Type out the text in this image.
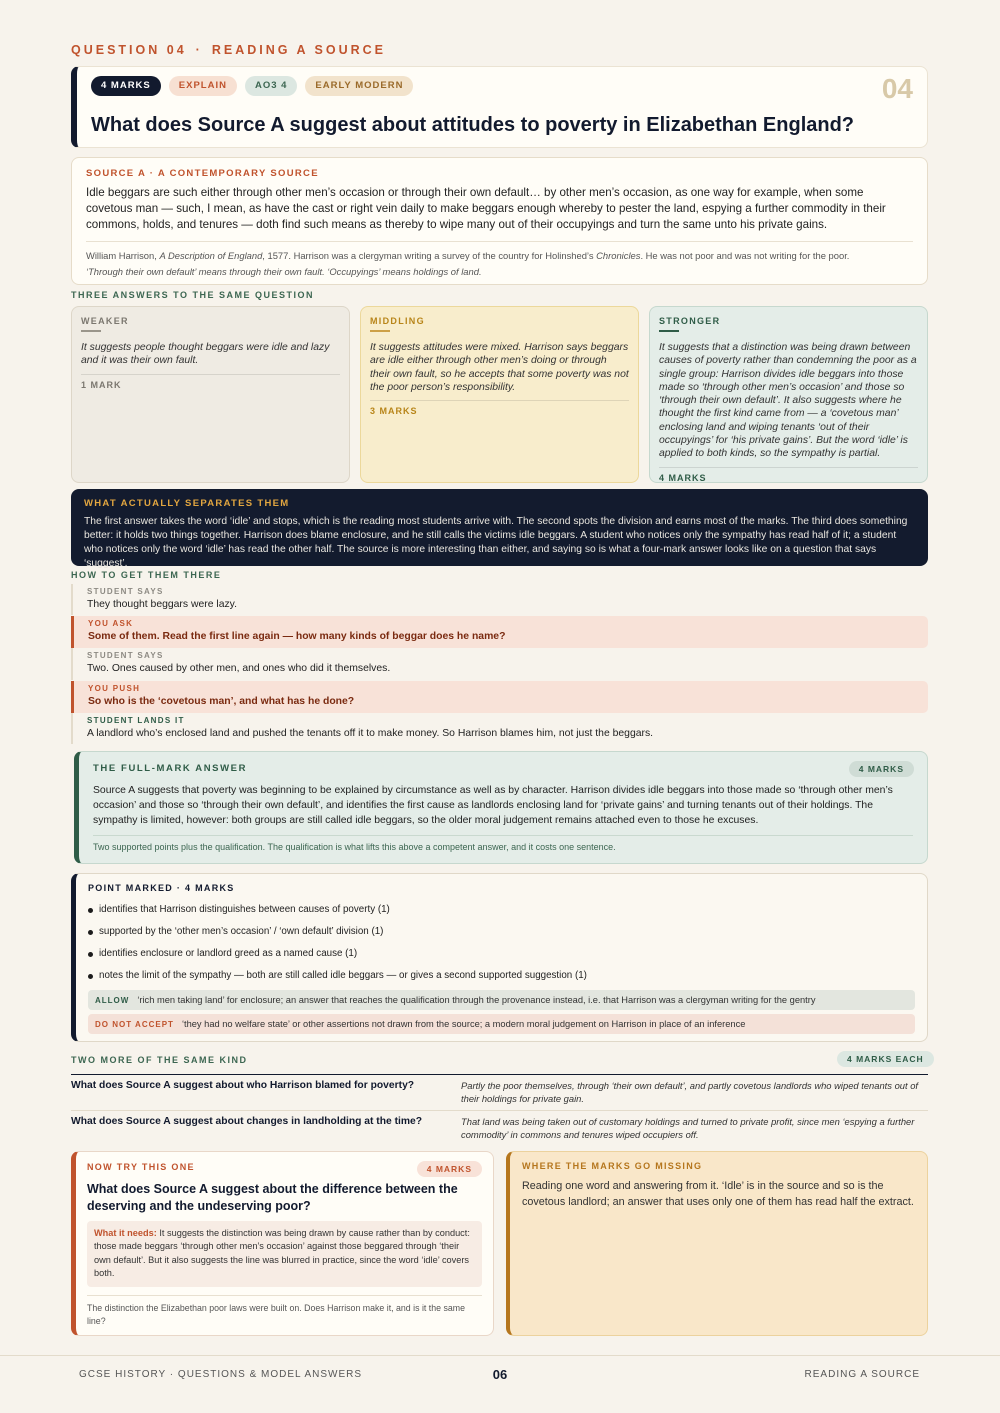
QUESTION 04 · READING A SOURCE
4 MARKS	EXPLAIN	AO3 4	EARLY MODERN	04
What does Source A suggest about attitudes to poverty in Elizabethan England?
SOURCE A · A CONTEMPORARY SOURCE
Idle beggars are such either through other men’s occasion or through their own default… by other men’s occasion, as one way for example, when some covetous man — such, I mean, as have the cast or right vein daily to make beggars enough whereby to pester the land, espying a further commodity in their commons, holds, and tenures — doth find such means as thereby to wipe many out of their occupyings and turn the same unto his private gains.
William Harrison, A Description of England, 1577. Harrison was a clergyman writing a survey of the country for Holinshed’s Chronicles. He was not poor and was not writing for the poor.
‘Through their own default’ means through their own fault. ‘Occupyings’ means holdings of land.
THREE ANSWERS TO THE SAME QUESTION
WEAKER
It suggests people thought beggars were idle and lazy and it was their own fault.
1 MARK
MIDDLING
It suggests attitudes were mixed. Harrison says beggars are idle either through other men’s doing or through their own fault, so he accepts that some poverty was not the poor person’s responsibility.
3 MARKS
STRONGER
It suggests that a distinction was being drawn between causes of poverty rather than condemning the poor as a single group: Harrison divides idle beggars into those made so ‘through other men’s occasion’ and those so ‘through their own default’. It also suggests where he thought the first kind came from — a ‘covetous man’ enclosing land and wiping tenants ‘out of their occupyings’ for ‘his private gains’. But the word ‘idle’ is applied to both kinds, so the sympathy is partial.
4 MARKS
WHAT ACTUALLY SEPARATES THEM
The first answer takes the word ‘idle’ and stops, which is the reading most students arrive with. The second spots the division and earns most of the marks. The third does something better: it holds two things together. Harrison does blame enclosure, and he still calls the victims idle beggars. A student who notices only the sympathy has read half of it; a student who notices only the word ‘idle’ has read the other half. The source is more interesting than either, and saying so is what a four-mark answer looks like on a question that says ‘suggest’.
HOW TO GET THEM THERE
STUDENT SAYS
They thought beggars were lazy.
YOU ASK
Some of them. Read the first line again — how many kinds of beggar does he name?
STUDENT SAYS
Two. Ones caused by other men, and ones who did it themselves.
YOU PUSH
So who is the ‘covetous man’, and what has he done?
STUDENT LANDS IT
A landlord who’s enclosed land and pushed the tenants off it to make money. So Harrison blames him, not just the beggars.
THE FULL-MARK ANSWER	4 MARKS
Source A suggests that poverty was beginning to be explained by circumstance as well as by character. Harrison divides idle beggars into those made so ‘through other men’s occasion’ and those so ‘through their own default’, and identifies the first cause as landlords enclosing land for ‘private gains’ and turning tenants out of their holdings. The sympathy is limited, however: both groups are still called idle beggars, so the older moral judgement remains attached even to those he excuses.
Two supported points plus the qualification. The qualification is what lifts this above a competent answer, and it costs one sentence.
POINT MARKED · 4 MARKS
identifies that Harrison distinguishes between causes of poverty (1)
supported by the ‘other men’s occasion’ / ‘own default’ division (1)
identifies enclosure or landlord greed as a named cause (1)
notes the limit of the sympathy — both are still called idle beggars — or gives a second supported suggestion (1)
ALLOW ‘rich men taking land’ for enclosure; an answer that reaches the qualification through the provenance instead, i.e. that Harrison was a clergyman writing for the gentry
DO NOT ACCEPT ‘they had no welfare state’ or other assertions not drawn from the source; a modern moral judgement on Harrison in place of an inference
TWO MORE OF THE SAME KIND	4 MARKS EACH
What does Source A suggest about who Harrison blamed for poverty?	Partly the poor themselves, through ‘their own default’, and partly covetous landlords who wiped tenants out of their holdings for private gain.
What does Source A suggest about changes in landholding at the time?	That land was being taken out of customary holdings and turned to private profit, since men ‘espying a further commodity’ in commons and tenures wiped occupiers off.
NOW TRY THIS ONE	4 MARKS
What does Source A suggest about the difference between the deserving and the undeserving poor?
What it needs: It suggests the distinction was being drawn by cause rather than by conduct: those made beggars ‘through other men’s occasion’ against those beggared through ‘their own default’. But it also suggests the line was blurred in practice, since the word ‘idle’ covers both.
The distinction the Elizabethan poor laws were built on. Does Harrison make it, and is it the same line?
WHERE THE MARKS GO MISSING
Reading one word and answering from it. ‘Idle’ is in the source and so is the covetous landlord; an answer that uses only one of them has read half the extract.
GCSE HISTORY · QUESTIONS & MODEL ANSWERS	06	READING A SOURCE
